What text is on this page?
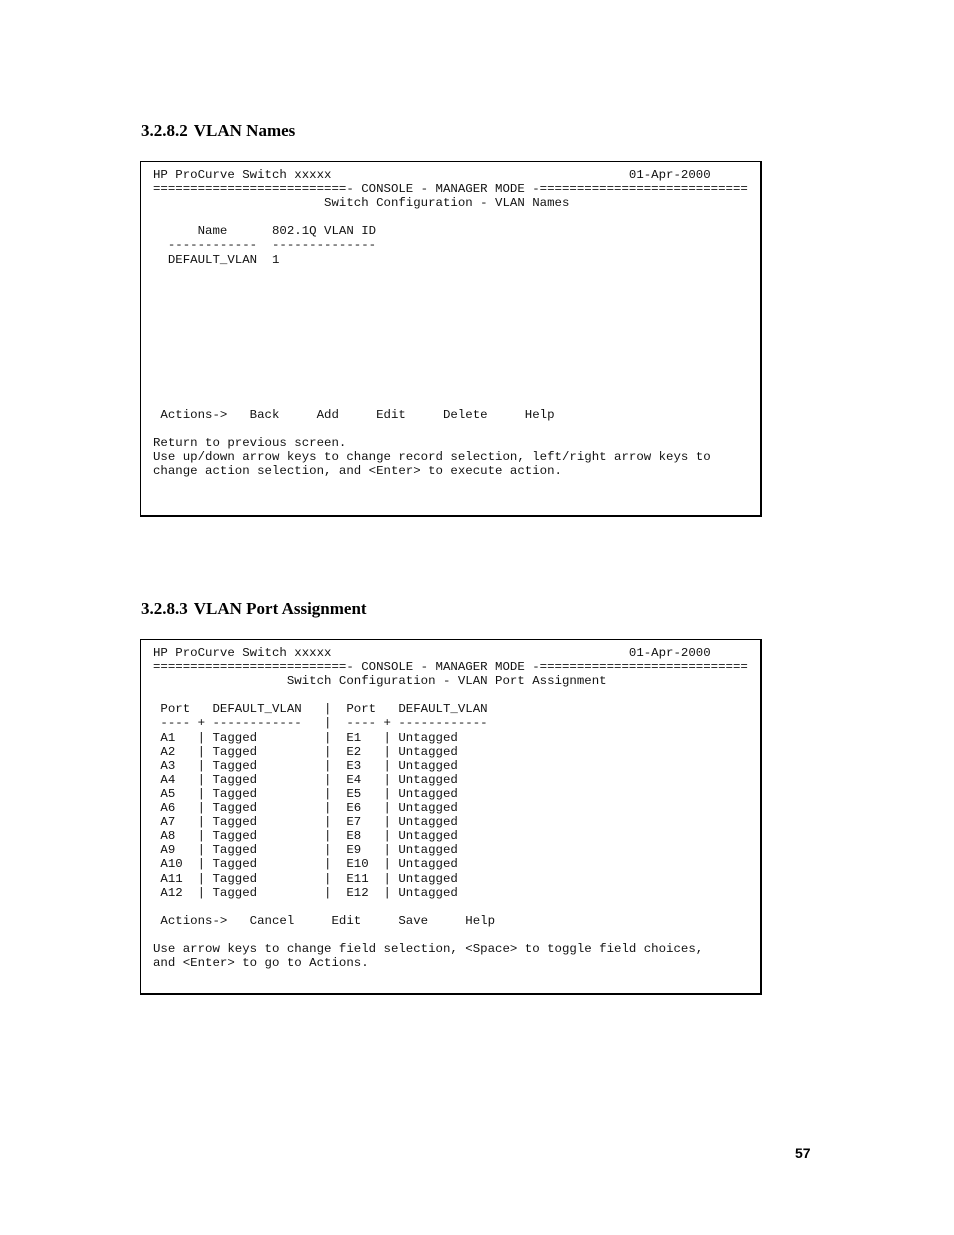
3.2.8.2 VLAN Names
HP ProCurve Switch xxxxx                                        01-Apr-2000
==========================- CONSOLE - MANAGER MODE -============================
Switch Configuration - VLAN Names

Name      802.1Q VLAN ID
------------  --------------
DEFAULT_VLAN  1

Actions->   Back     Add     Edit     Delete     Help

Return to previous screen.
Use up/down arrow keys to change record selection, left/right arrow keys to
change action selection, and <Enter> to execute action.
3.2.8.3 VLAN Port Assignment
HP ProCurve Switch xxxxx                                        01-Apr-2000
==========================- CONSOLE - MANAGER MODE -============================
Switch Configuration - VLAN Port Assignment

Port   DEFAULT_VLAN   |  Port   DEFAULT_VLAN
---- + ------------   |  ---- + ------------
A1   | Tagged         |  E1   | Untagged
A2   | Tagged         |  E2   | Untagged
A3   | Tagged         |  E3   | Untagged
A4   | Tagged         |  E4   | Untagged
A5   | Tagged         |  E5   | Untagged
A6   | Tagged         |  E6   | Untagged
A7   | Tagged         |  E7   | Untagged
A8   | Tagged         |  E8   | Untagged
A9   | Tagged         |  E9   | Untagged
A10  | Tagged         |  E10  | Untagged
A11  | Tagged         |  E11  | Untagged
A12  | Tagged         |  E12  | Untagged

Actions->   Cancel     Edit     Save     Help

Use arrow keys to change field selection, <Space> to toggle field choices,
and <Enter> to go to Actions.
57
